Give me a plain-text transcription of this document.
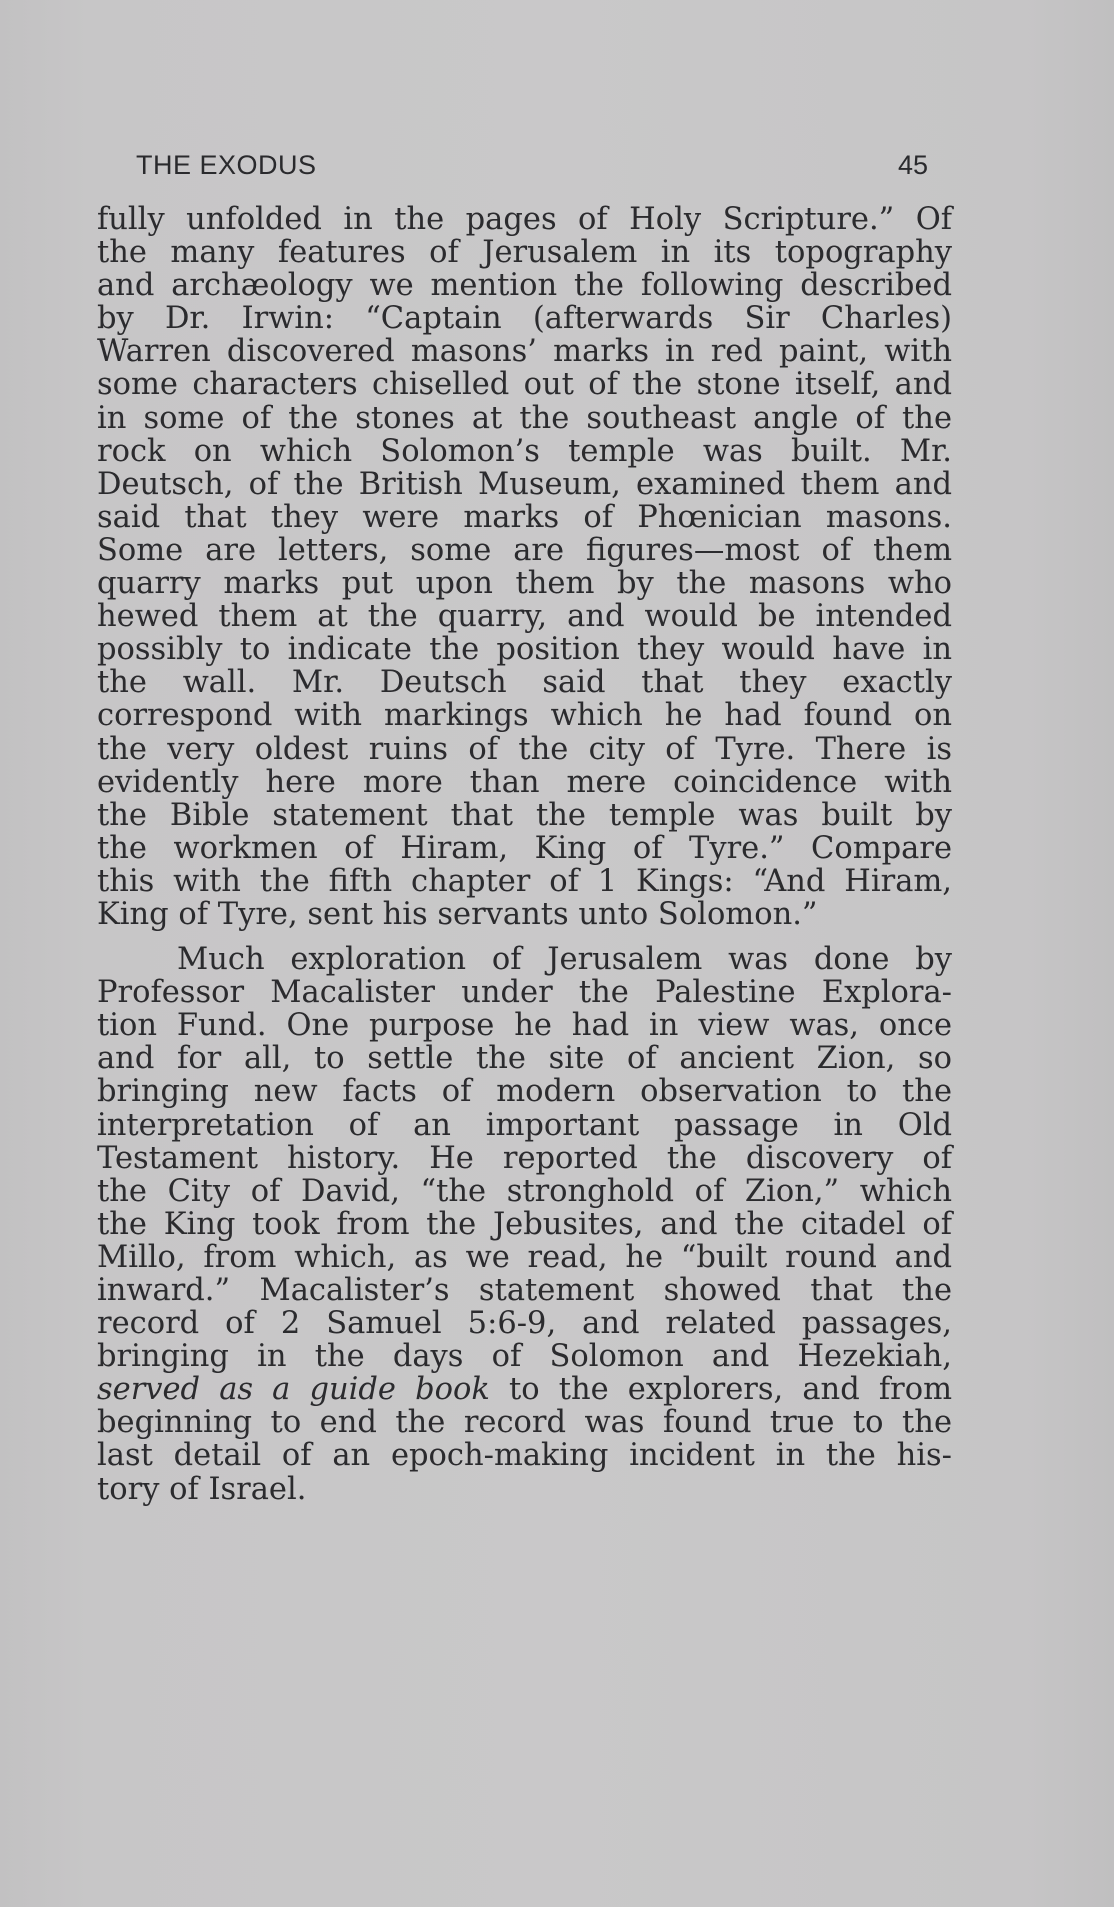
THE EXODUS	45
fully unfolded in the pages of Holy Scripture.” Of
the many features of Jerusalem in its topography
and archæology we mention the following described
by Dr. Irwin: “Captain (afterwards Sir Charles)
Warren discovered masons’ marks in red paint, with
some characters chiselled out of the stone itself, and
in some of the stones at the southeast angle of the
rock on which Solomon’s temple was built. Mr.
Deutsch, of the British Museum, examined them and
said that they were marks of Phœnician masons.
Some are letters, some are figures—most of them
quarry marks put upon them by the masons who
hewed them at the quarry, and would be intended
possibly to indicate the position they would have in
the wall. Mr. Deutsch said that they exactly
correspond with markings which he had found on
the very oldest ruins of the city of Tyre. There is
evidently here more than mere coincidence with
the Bible statement that the temple was built by
the workmen of Hiram, King of Tyre.” Compare
this with the fifth chapter of 1 Kings: “And Hiram,
King of Tyre, sent his servants unto Solomon.”
Much exploration of Jerusalem was done by
Professor Macalister under the Palestine Explora-
tion Fund. One purpose he had in view was, once
and for all, to settle the site of ancient Zion, so
bringing new facts of modern observation to the
interpretation of an important passage in Old
Testament history. He reported the discovery of
the City of David, “the stronghold of Zion,” which
the King took from the Jebusites, and the citadel of
Millo, from which, as we read, he “built round and
inward.” Macalister’s statement showed that the
record of 2 Samuel 5:6-9, and related passages,
bringing in the days of Solomon and Hezekiah,
served as a guide book to the explorers, and from
beginning to end the record was found true to the
last detail of an epoch-making incident in the his-
tory of Israel.
